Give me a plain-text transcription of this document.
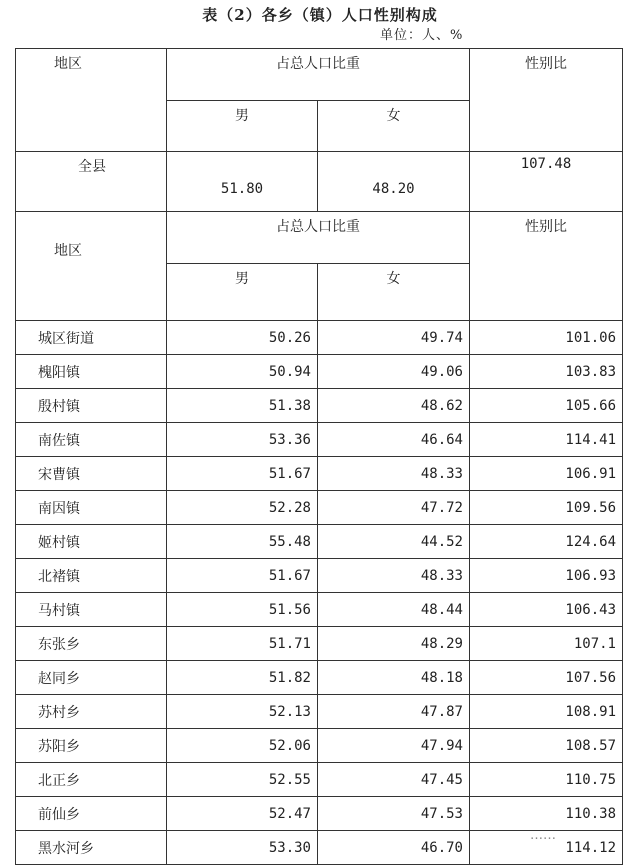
表（2）各乡（镇）人口性别构成
单位：人、%
地区	占总人口比重		性别比
	男	女	
全县	51.80	48.20	107.48
地区	占总人口比重		性别比
	男	女	
城区街道	50.26	49.74	101.06
槐阳镇	50.94	49.06	103.83
殷村镇	51.38	48.62	105.66
南佐镇	53.36	46.64	114.41
宋曹镇	51.67	48.33	106.91
南因镇	52.28	47.72	109.56
姬村镇	55.48	44.52	124.64
北褚镇	51.67	48.33	106.93
马村镇	51.56	48.44	106.43
东张乡	51.71	48.29	107.1
赵同乡	51.82	48.18	107.56
苏村乡	52.13	47.87	108.91
苏阳乡	52.06	47.94	108.57
北正乡	52.55	47.45	110.75
前仙乡	52.47	47.53	110.38
黑水河乡	53.30	46.70	114.12
……
